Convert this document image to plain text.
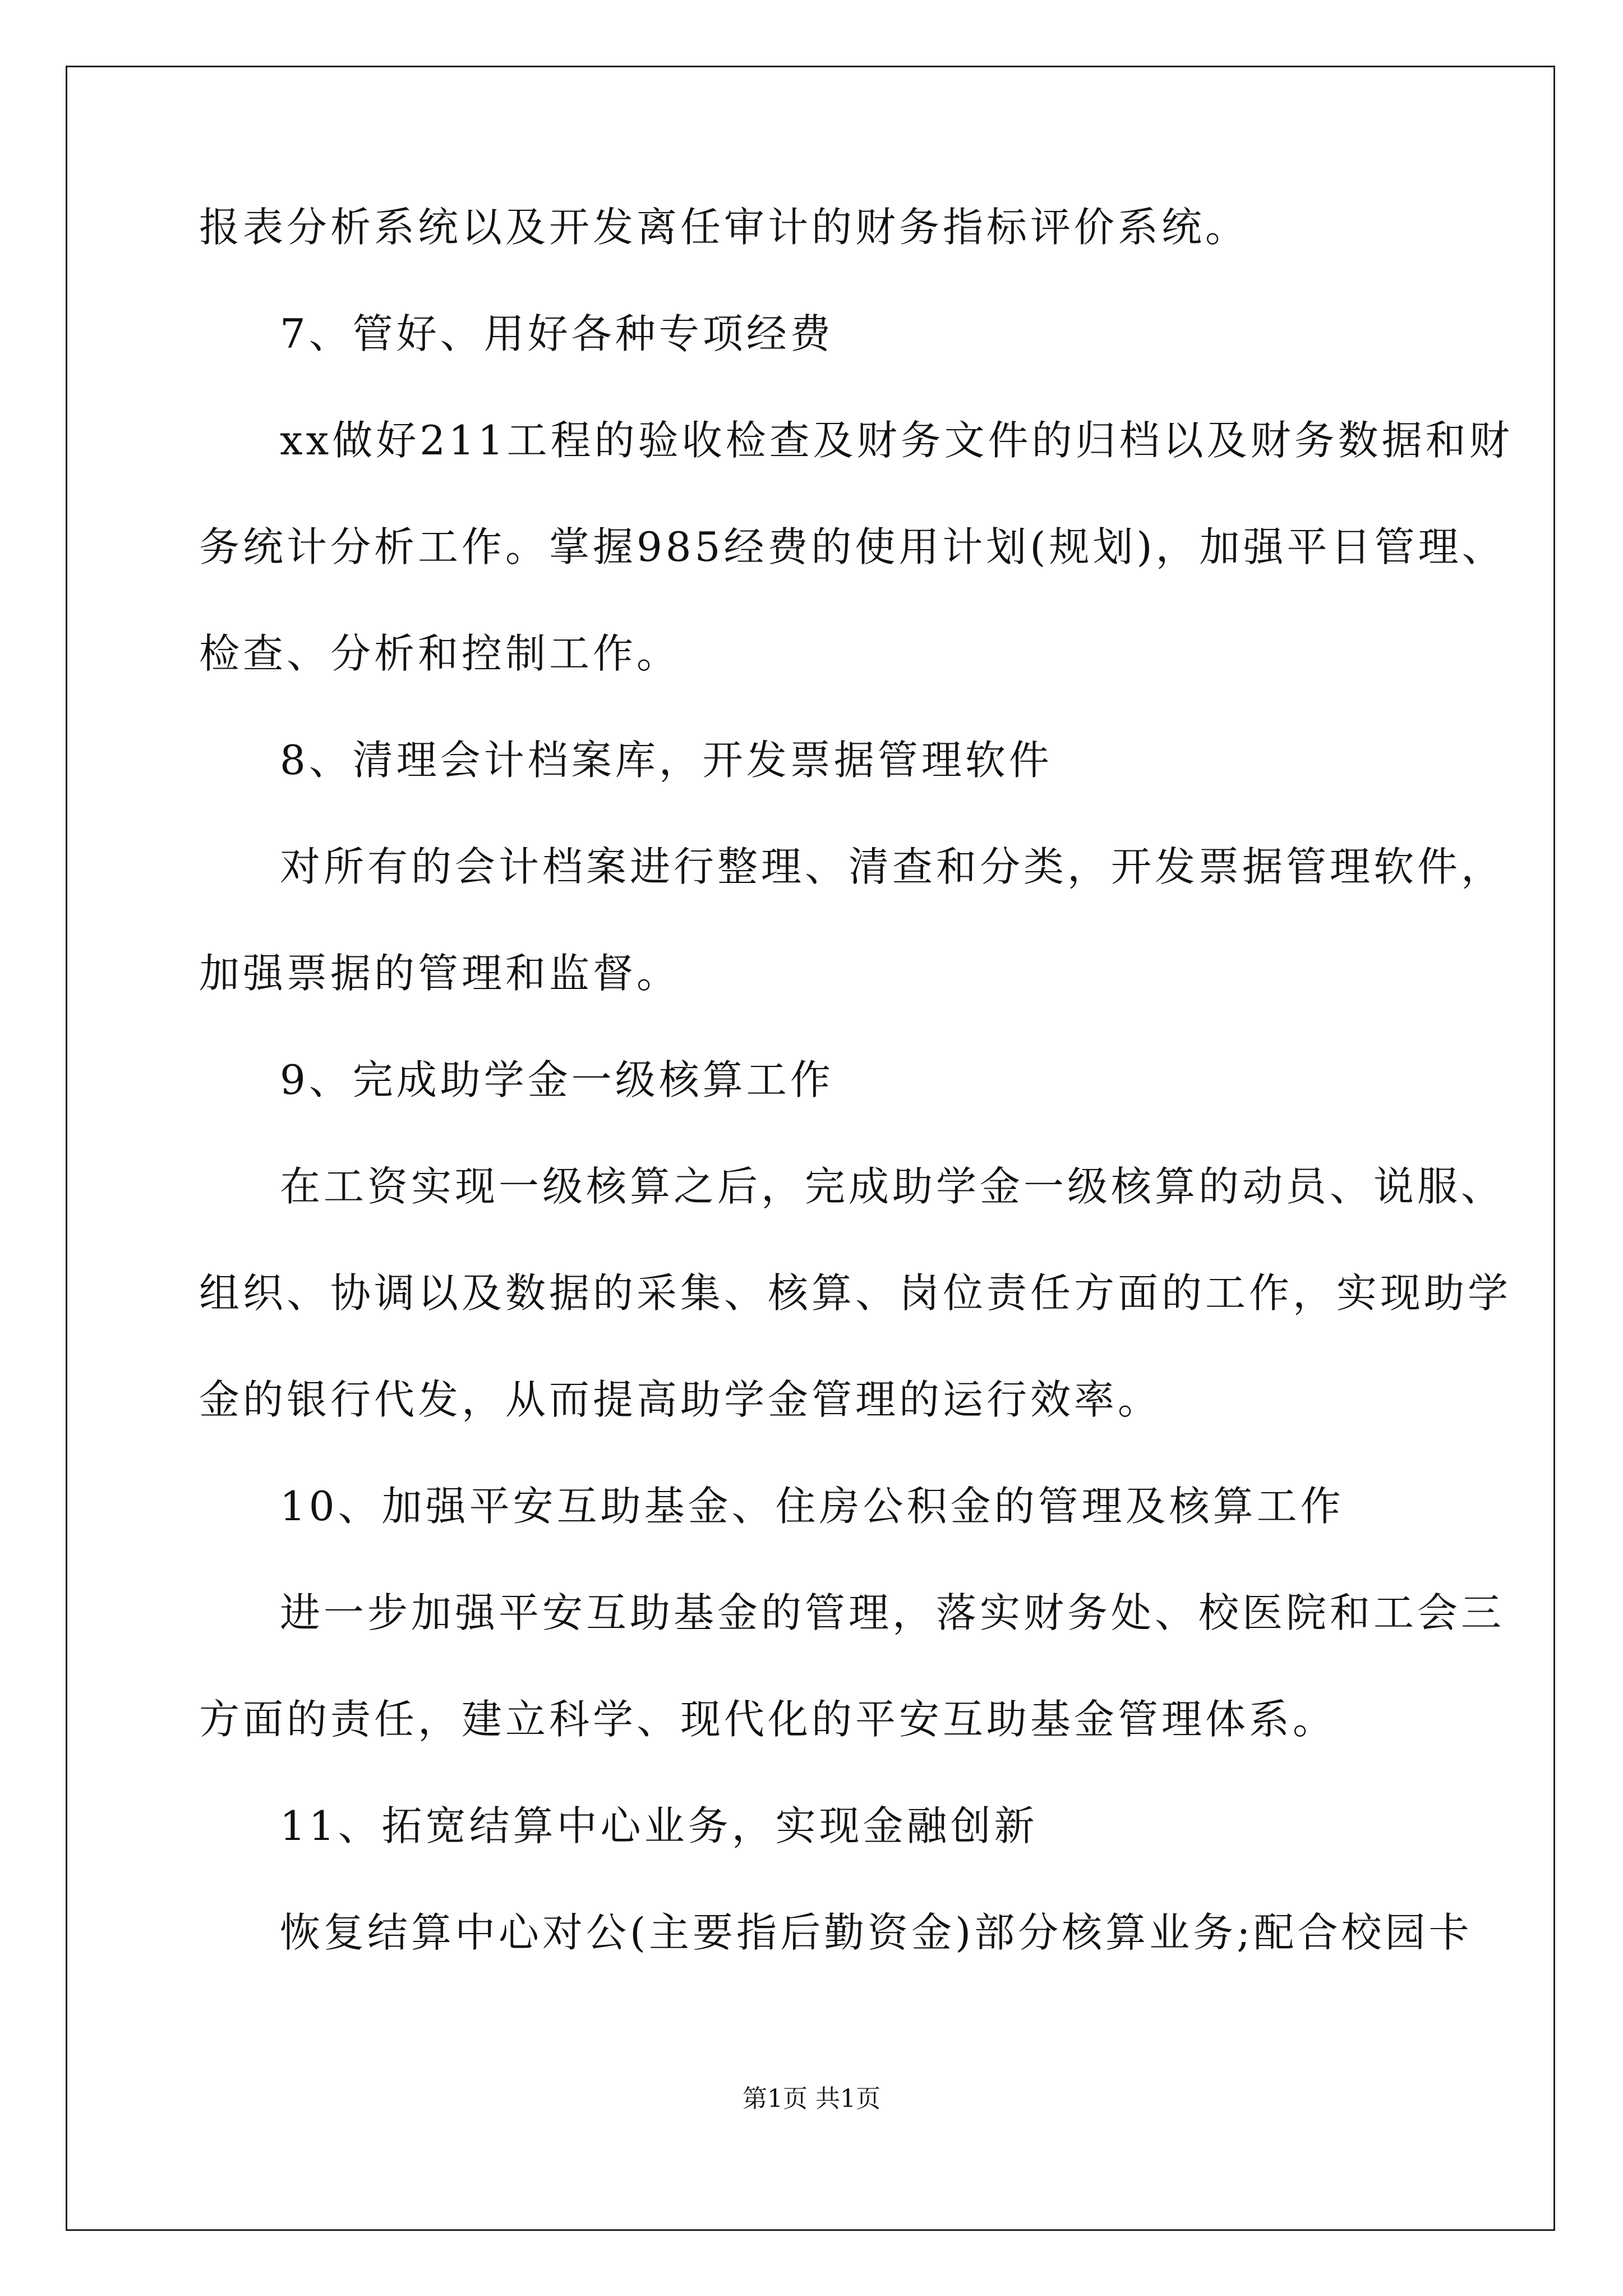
报表分析系统以及开发离任审计的财务指标评价系统。
7、管好、用好各种专项经费
xx做好211工程的验收检查及财务文件的归档以及财务数据和财
务统计分析工作。掌握985经费的使用计划(规划)，加强平日管理、
检查、分析和控制工作。
8、清理会计档案库，开发票据管理软件
对所有的会计档案进行整理、清查和分类，开发票据管理软件，
加强票据的管理和监督。
9、完成助学金一级核算工作
在工资实现一级核算之后，完成助学金一级核算的动员、说服、
组织、协调以及数据的采集、核算、岗位责任方面的工作，实现助学
金的银行代发，从而提高助学金管理的运行效率。
10、加强平安互助基金、住房公积金的管理及核算工作
进一步加强平安互助基金的管理，落实财务处、校医院和工会三
方面的责任，建立科学、现代化的平安互助基金管理体系。
11、拓宽结算中心业务，实现金融创新
恢复结算中心对公(主要指后勤资金)部分核算业务;配合校园卡
第1页 共1页
